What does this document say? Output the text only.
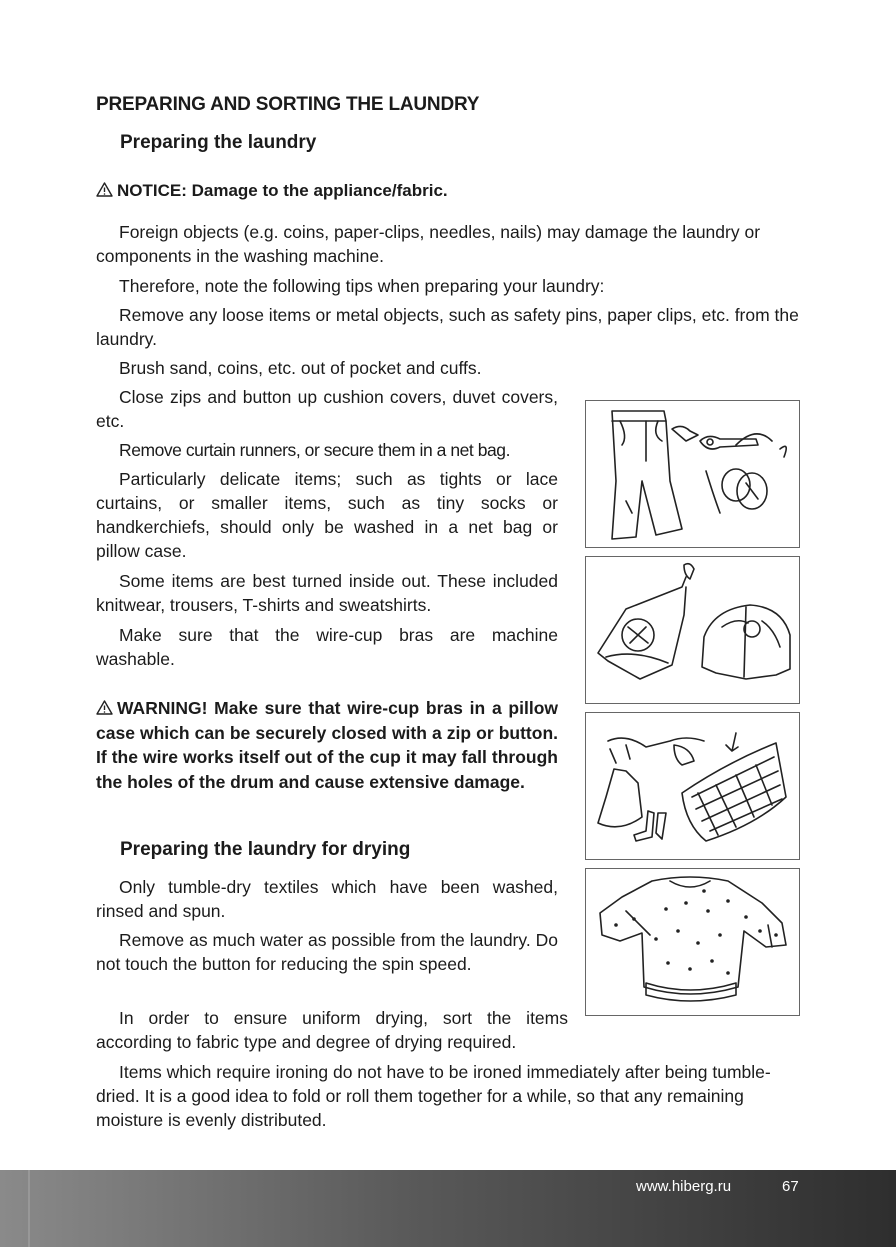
PREPARING AND SORTING THE LAUNDRY
Preparing the laundry
NOTICE: Damage to the appliance/fabric.

Foreign objects (e.g. coins, paper-clips, needles, nails) may damage the laundry or components in the washing machine.

Therefore, note the following tips when preparing your laundry:

Remove any loose items or metal objects, such as safety pins, paper clips, etc. from the laundry.

Brush sand, coins, etc. out of pocket and cuffs.

Close zips and button up cushion covers, duvet covers, etc.

Remove curtain runners, or secure them in a net bag.

Particularly delicate items; such as tights or lace curtains, or smaller items, such as tiny socks or handkerchiefs, should only be washed in a net bag or pillow case.

Some items are best turned inside out. These included knitwear, trousers, T-shirts and sweatshirts.

Make sure that the wire-cup bras are machine washable.

WARNING! Make sure that wire-cup bras in a pillow case which can be securely closed with a zip or button. If the wire works itself out of the cup it may fall through the holes of the drum and cause extensive damage.
Preparing the laundry for drying

Only tumble-dry textiles which have been washed, rinsed and spun.

Remove as much water as possible from the laundry. Do not touch the button for reducing the spin speed.

In order to ensure uniform drying, sort the items according to fabric type and degree of drying required.

Items which require ironing do not have to be ironed immediately after being tumble-dried. It is a good idea to fold or roll them together for a while, so that any remaining moisture is evenly distributed.

www.hiberg.ru	67
